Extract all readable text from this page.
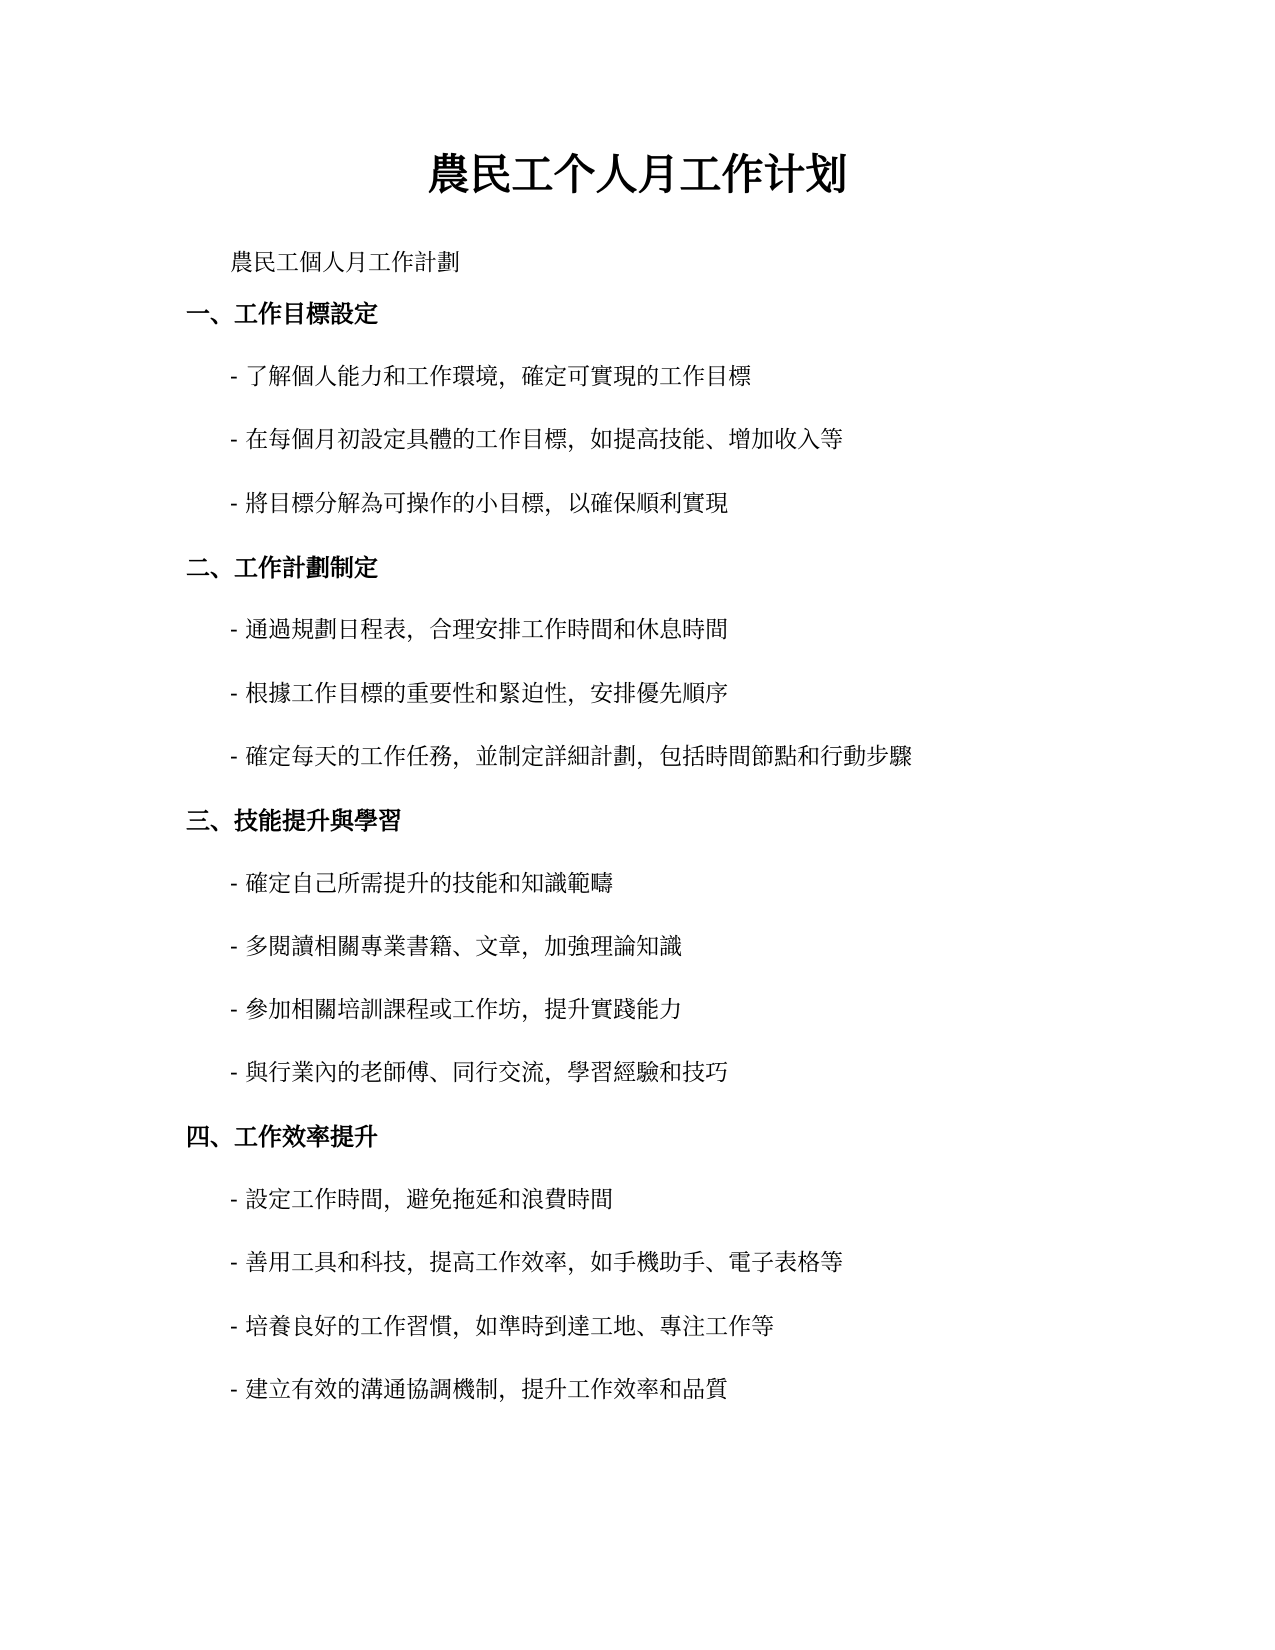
農民工个人月工作计划

農民工個人月工作計劃

一、工作目標設定

- 了解個人能力和工作環境，確定可實現的工作目標

- 在每個月初設定具體的工作目標，如提高技能、增加收入等

- 將目標分解為可操作的小目標，以確保順利實現

二、工作計劃制定

- 通過規劃日程表，合理安排工作時間和休息時間

- 根據工作目標的重要性和緊迫性，安排優先順序

- 確定每天的工作任務，並制定詳細計劃，包括時間節點和行動步驟

三、技能提升與學習

- 確定自己所需提升的技能和知識範疇

- 多閱讀相關專業書籍、文章，加強理論知識

- 參加相關培訓課程或工作坊，提升實踐能力

- 與行業內的老師傅、同行交流，學習經驗和技巧

四、工作效率提升

- 設定工作時間，避免拖延和浪費時間

- 善用工具和科技，提高工作效率，如手機助手、電子表格等

- 培養良好的工作習慣，如準時到達工地、專注工作等

- 建立有效的溝通協調機制，提升工作效率和品質
